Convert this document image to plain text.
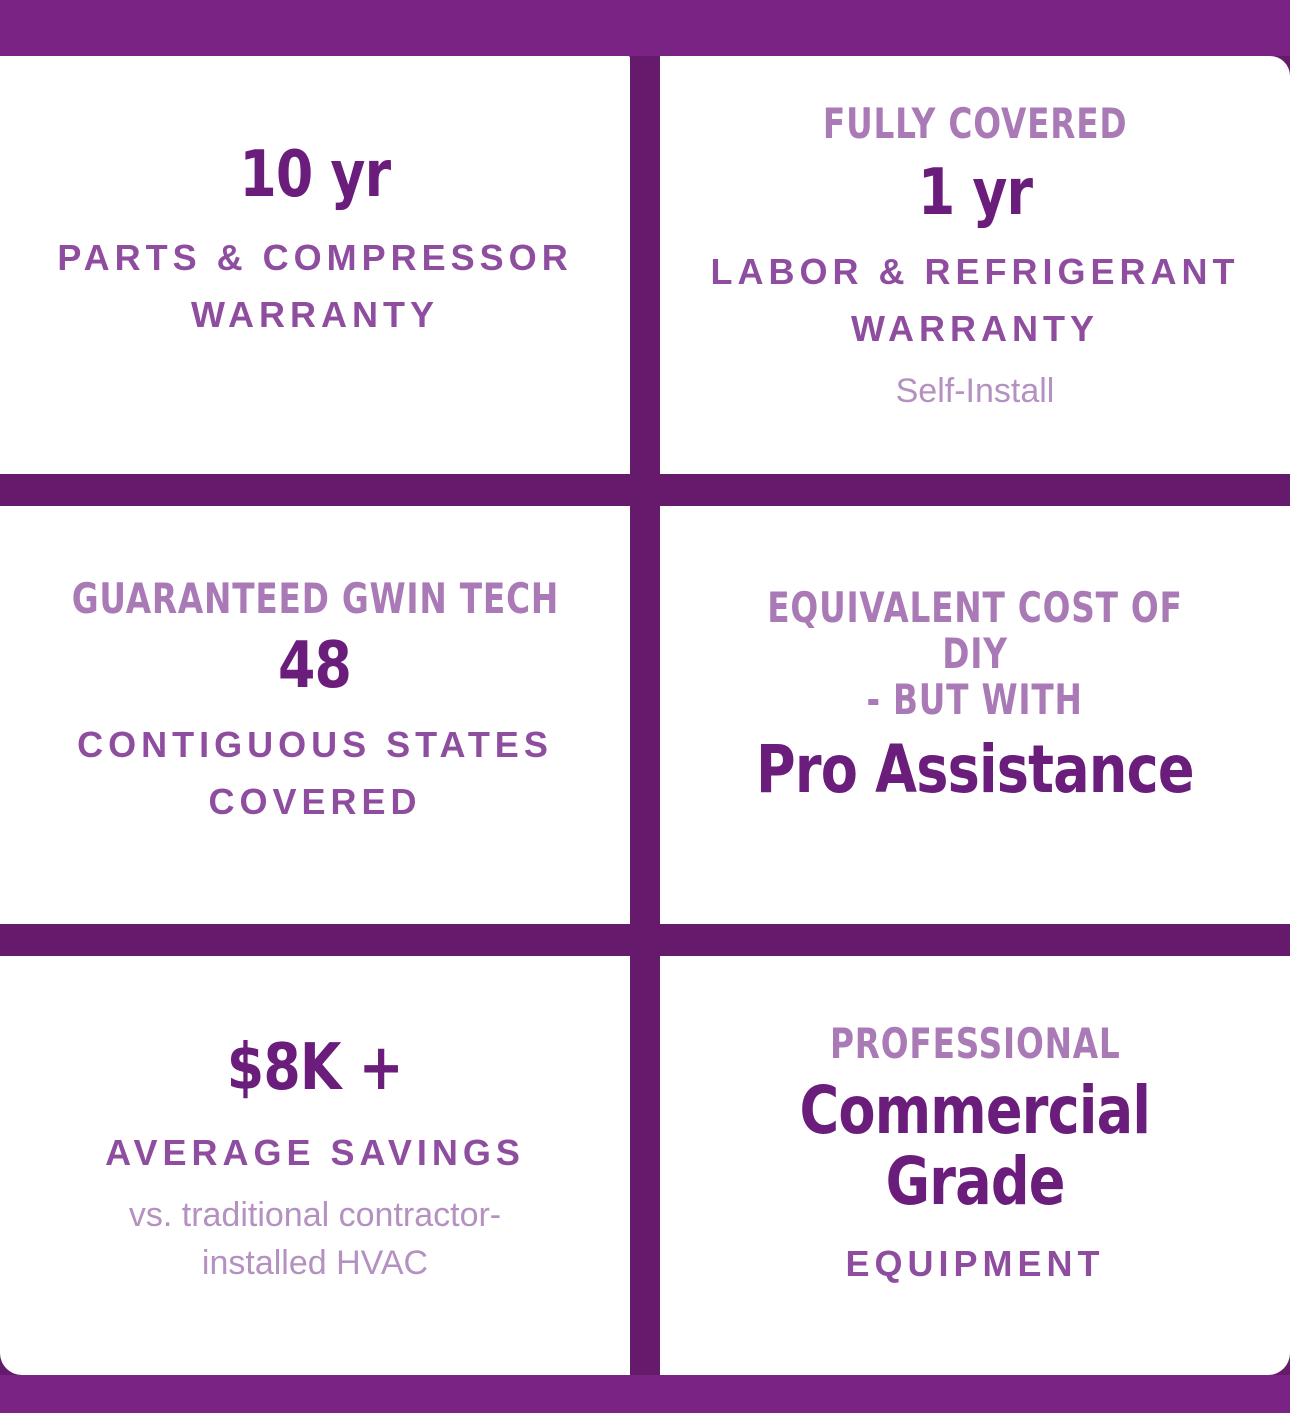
10 yr
PARTS & COMPRESSOR
WARRANTY
FULLY COVERED
1 yr
LABOR & REFRIGERANT
WARRANTY
Self-Install
GUARANTEED GWIN TECH
48
CONTIGUOUS STATES
COVERED
EQUIVALENT COST OF DIY
- BUT WITH
Pro Assistance
$8K +
AVERAGE SAVINGS
vs. traditional contractor-
installed HVAC
PROFESSIONAL
Commercial
Grade
EQUIPMENT
